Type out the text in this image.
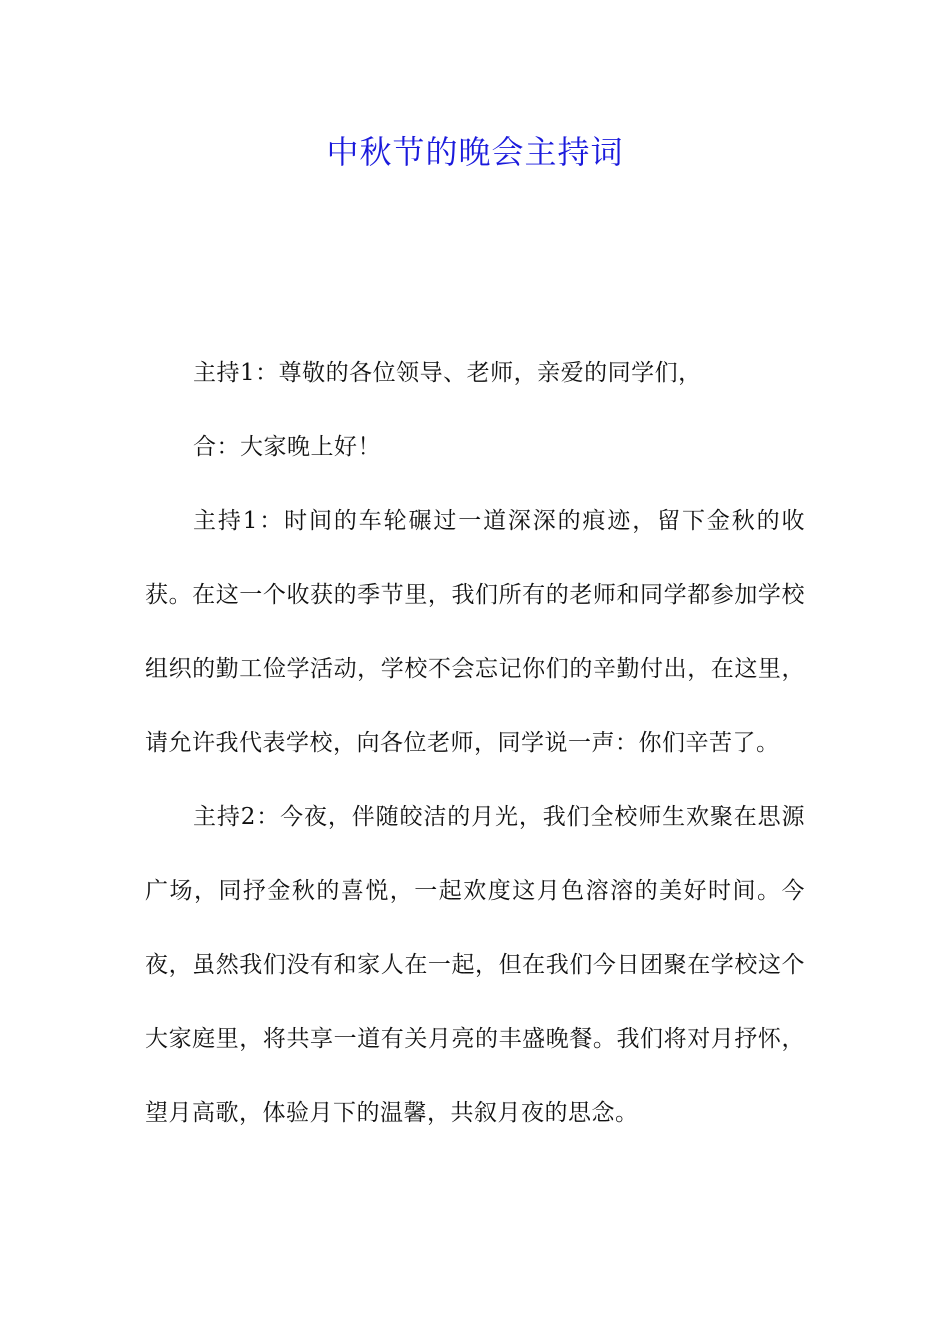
中秋节的晚会主持词

主持1：尊敬的各位领导、老师，亲爱的同学们，

合：大家晚上好！

主持1：时间的车轮碾过一道深深的痕迹，留下金秋的收获。在这一个收获的季节里，我们所有的老师和同学都参加学校组织的勤工俭学活动，学校不会忘记你们的辛勤付出，在这里，请允许我代表学校，向各位老师，同学说一声：你们辛苦了。

主持2：今夜，伴随皎洁的月光，我们全校师生欢聚在思源广场，同抒金秋的喜悦，一起欢度这月色溶溶的美好时间。今夜，虽然我们没有和家人在一起，但在我们今日团聚在学校这个大家庭里，将共享一道有关月亮的丰盛晚餐。我们将对月抒怀，望月高歌，体验月下的温馨，共叙月夜的思念。
